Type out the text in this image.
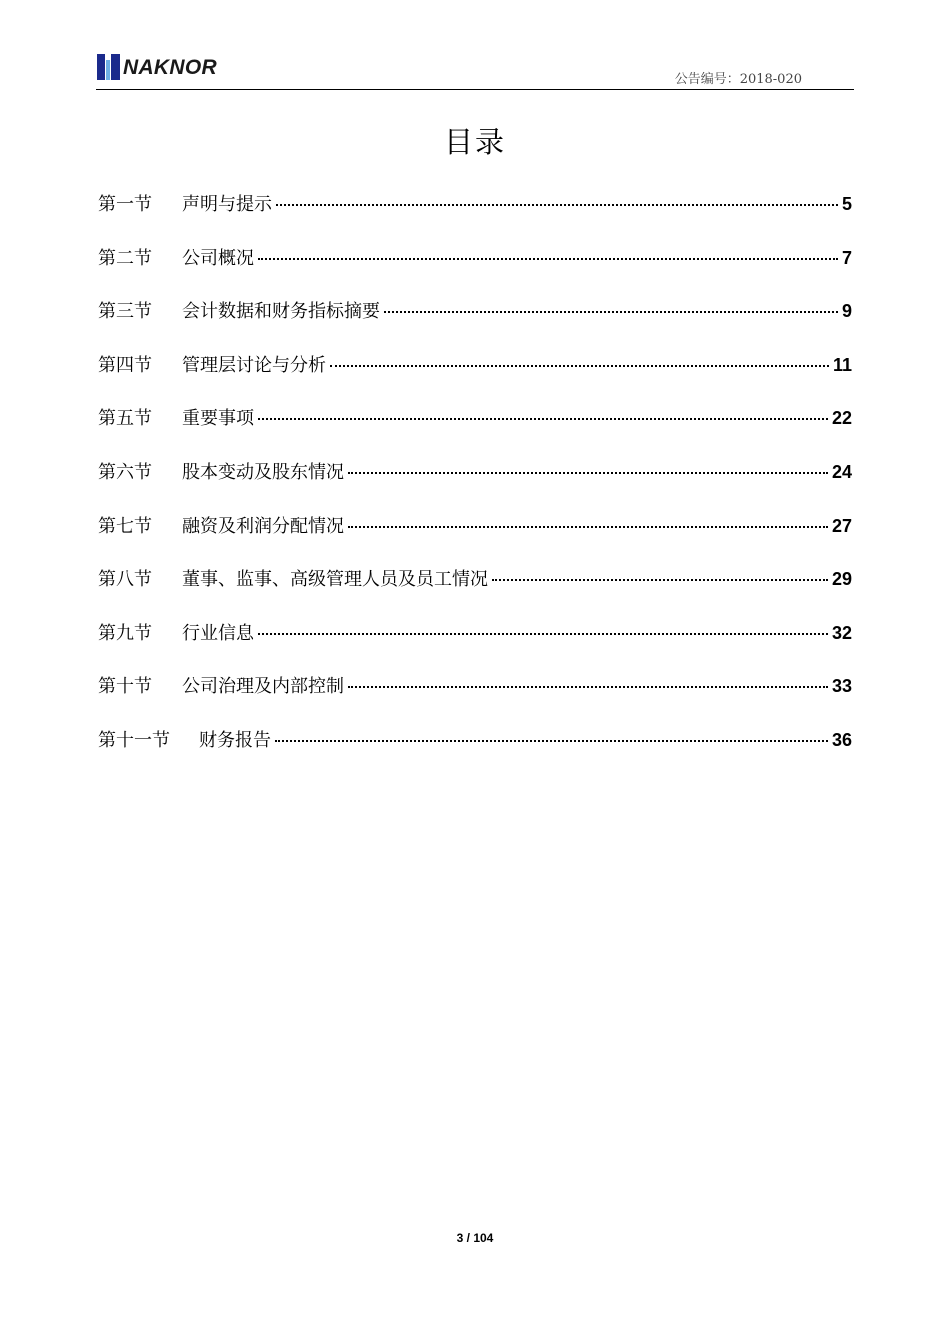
NAKNOR
公告编号：2018-020
目录
第一节	声明与提示	5
第二节	公司概况	7
第三节	会计数据和财务指标摘要	9
第四节	管理层讨论与分析	11
第五节	重要事项	22
第六节	股本变动及股东情况	24
第七节	融资及利润分配情况	27
第八节	董事、监事、高级管理人员及员工情况	29
第九节	行业信息	32
第十节	公司治理及内部控制	33
第十一节	财务报告	36
3 / 104
